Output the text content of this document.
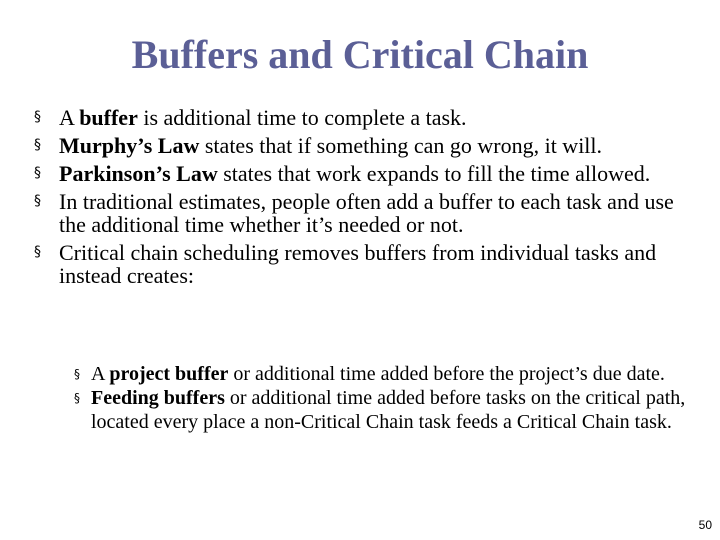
Buffers and Critical Chain
§ A buffer is additional time to complete a task.
§ Murphy’s Law states that if something can go wrong, it will.
§ Parkinson’s Law states that work expands to fill the time allowed.
§ In traditional estimates, people often add a buffer to each task and use the additional time whether it’s needed or not.
§ Critical chain scheduling removes buffers from individual tasks and instead creates:
§ A project buffer or additional time added before the project’s due date.
§ Feeding buffers or additional time added before tasks on the critical path, located every place a non-Critical Chain task feeds a Critical Chain task.
50
